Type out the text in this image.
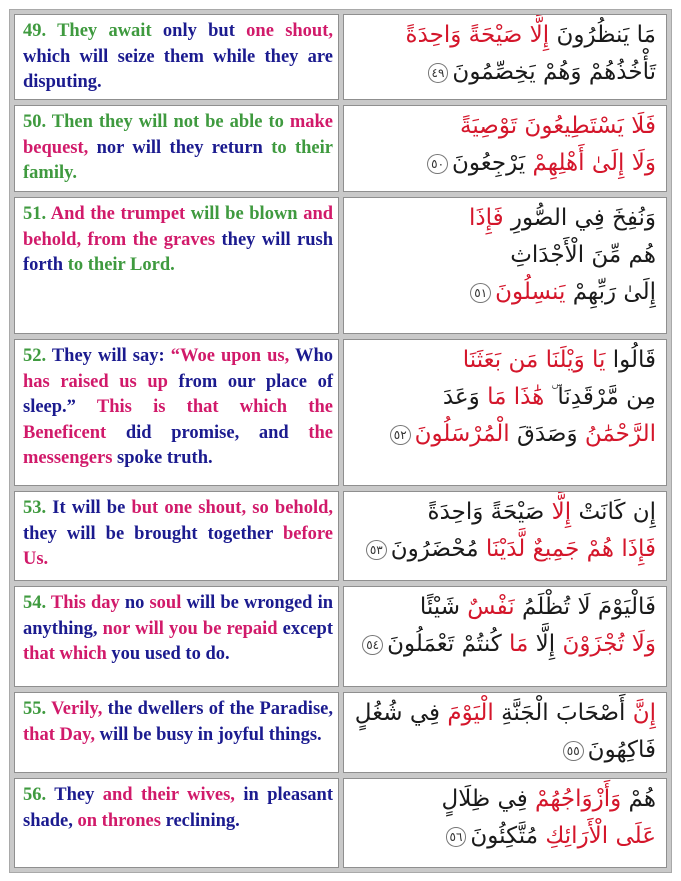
49. They await only but one shout, which will seize them while they are disputing.

مَا يَنظُرُونَ إِلَّا صَيْحَةً وَاحِدَةً
تَأْخُذُهُمْ وَهُمْ يَخِصِّمُونَ٤٩

50. Then they will not be able to make bequest, nor will they return to their family.

فَلَا يَسْتَطِيعُونَ تَوْصِيَةً
وَلَا إِلَىٰ أَهْلِهِمْ يَرْجِعُونَ٥٠

51. And the trumpet will be blown and behold, from the graves they will rush forth to their Lord.

وَنُفِخَ فِي الصُّورِ فَإِذَا
هُم مِّنَ الْأَجْدَاثِ
إِلَىٰ رَبِّهِمْ يَنسِلُونَ٥١

52. They will say: “Woe upon us, Who has raised us up from our place of sleep.” This is that which the Beneficent did promise, and the messengers spoke truth.

قَالُوا يَا وَيْلَنَا مَن بَعَثَنَا
مِن مَّرْقَدِنَا ۜ هَٰذَا مَا وَعَدَ
الرَّحْمَٰنُ وَصَدَقَ الْمُرْسَلُونَ٥٢

53. It will be but one shout, so behold, they will be brought together before Us.

إِن كَانَتْ إِلَّا صَيْحَةً وَاحِدَةً
فَإِذَا هُمْ جَمِيعٌ لَّدَيْنَا مُحْضَرُونَ٥٣

54. This day no soul will be wronged in anything, nor will you be repaid except that which you used to do.

فَالْيَوْمَ لَا تُظْلَمُ نَفْسٌ شَيْئًا
وَلَا تُجْزَوْنَ إِلَّا مَا كُنتُمْ تَعْمَلُونَ٥٤

55. Verily, the dwellers of the Paradise, that Day, will be busy in joyful things.

إِنَّ أَصْحَابَ الْجَنَّةِ الْيَوْمَ فِي شُغُلٍ
فَاكِهُونَ٥٥

56. They and their wives, in pleasant shade, on thrones reclining.

هُمْ وَأَزْوَاجُهُمْ فِي ظِلَالٍ
عَلَى الْأَرَائِكِ مُتَّكِئُونَ٥٦
